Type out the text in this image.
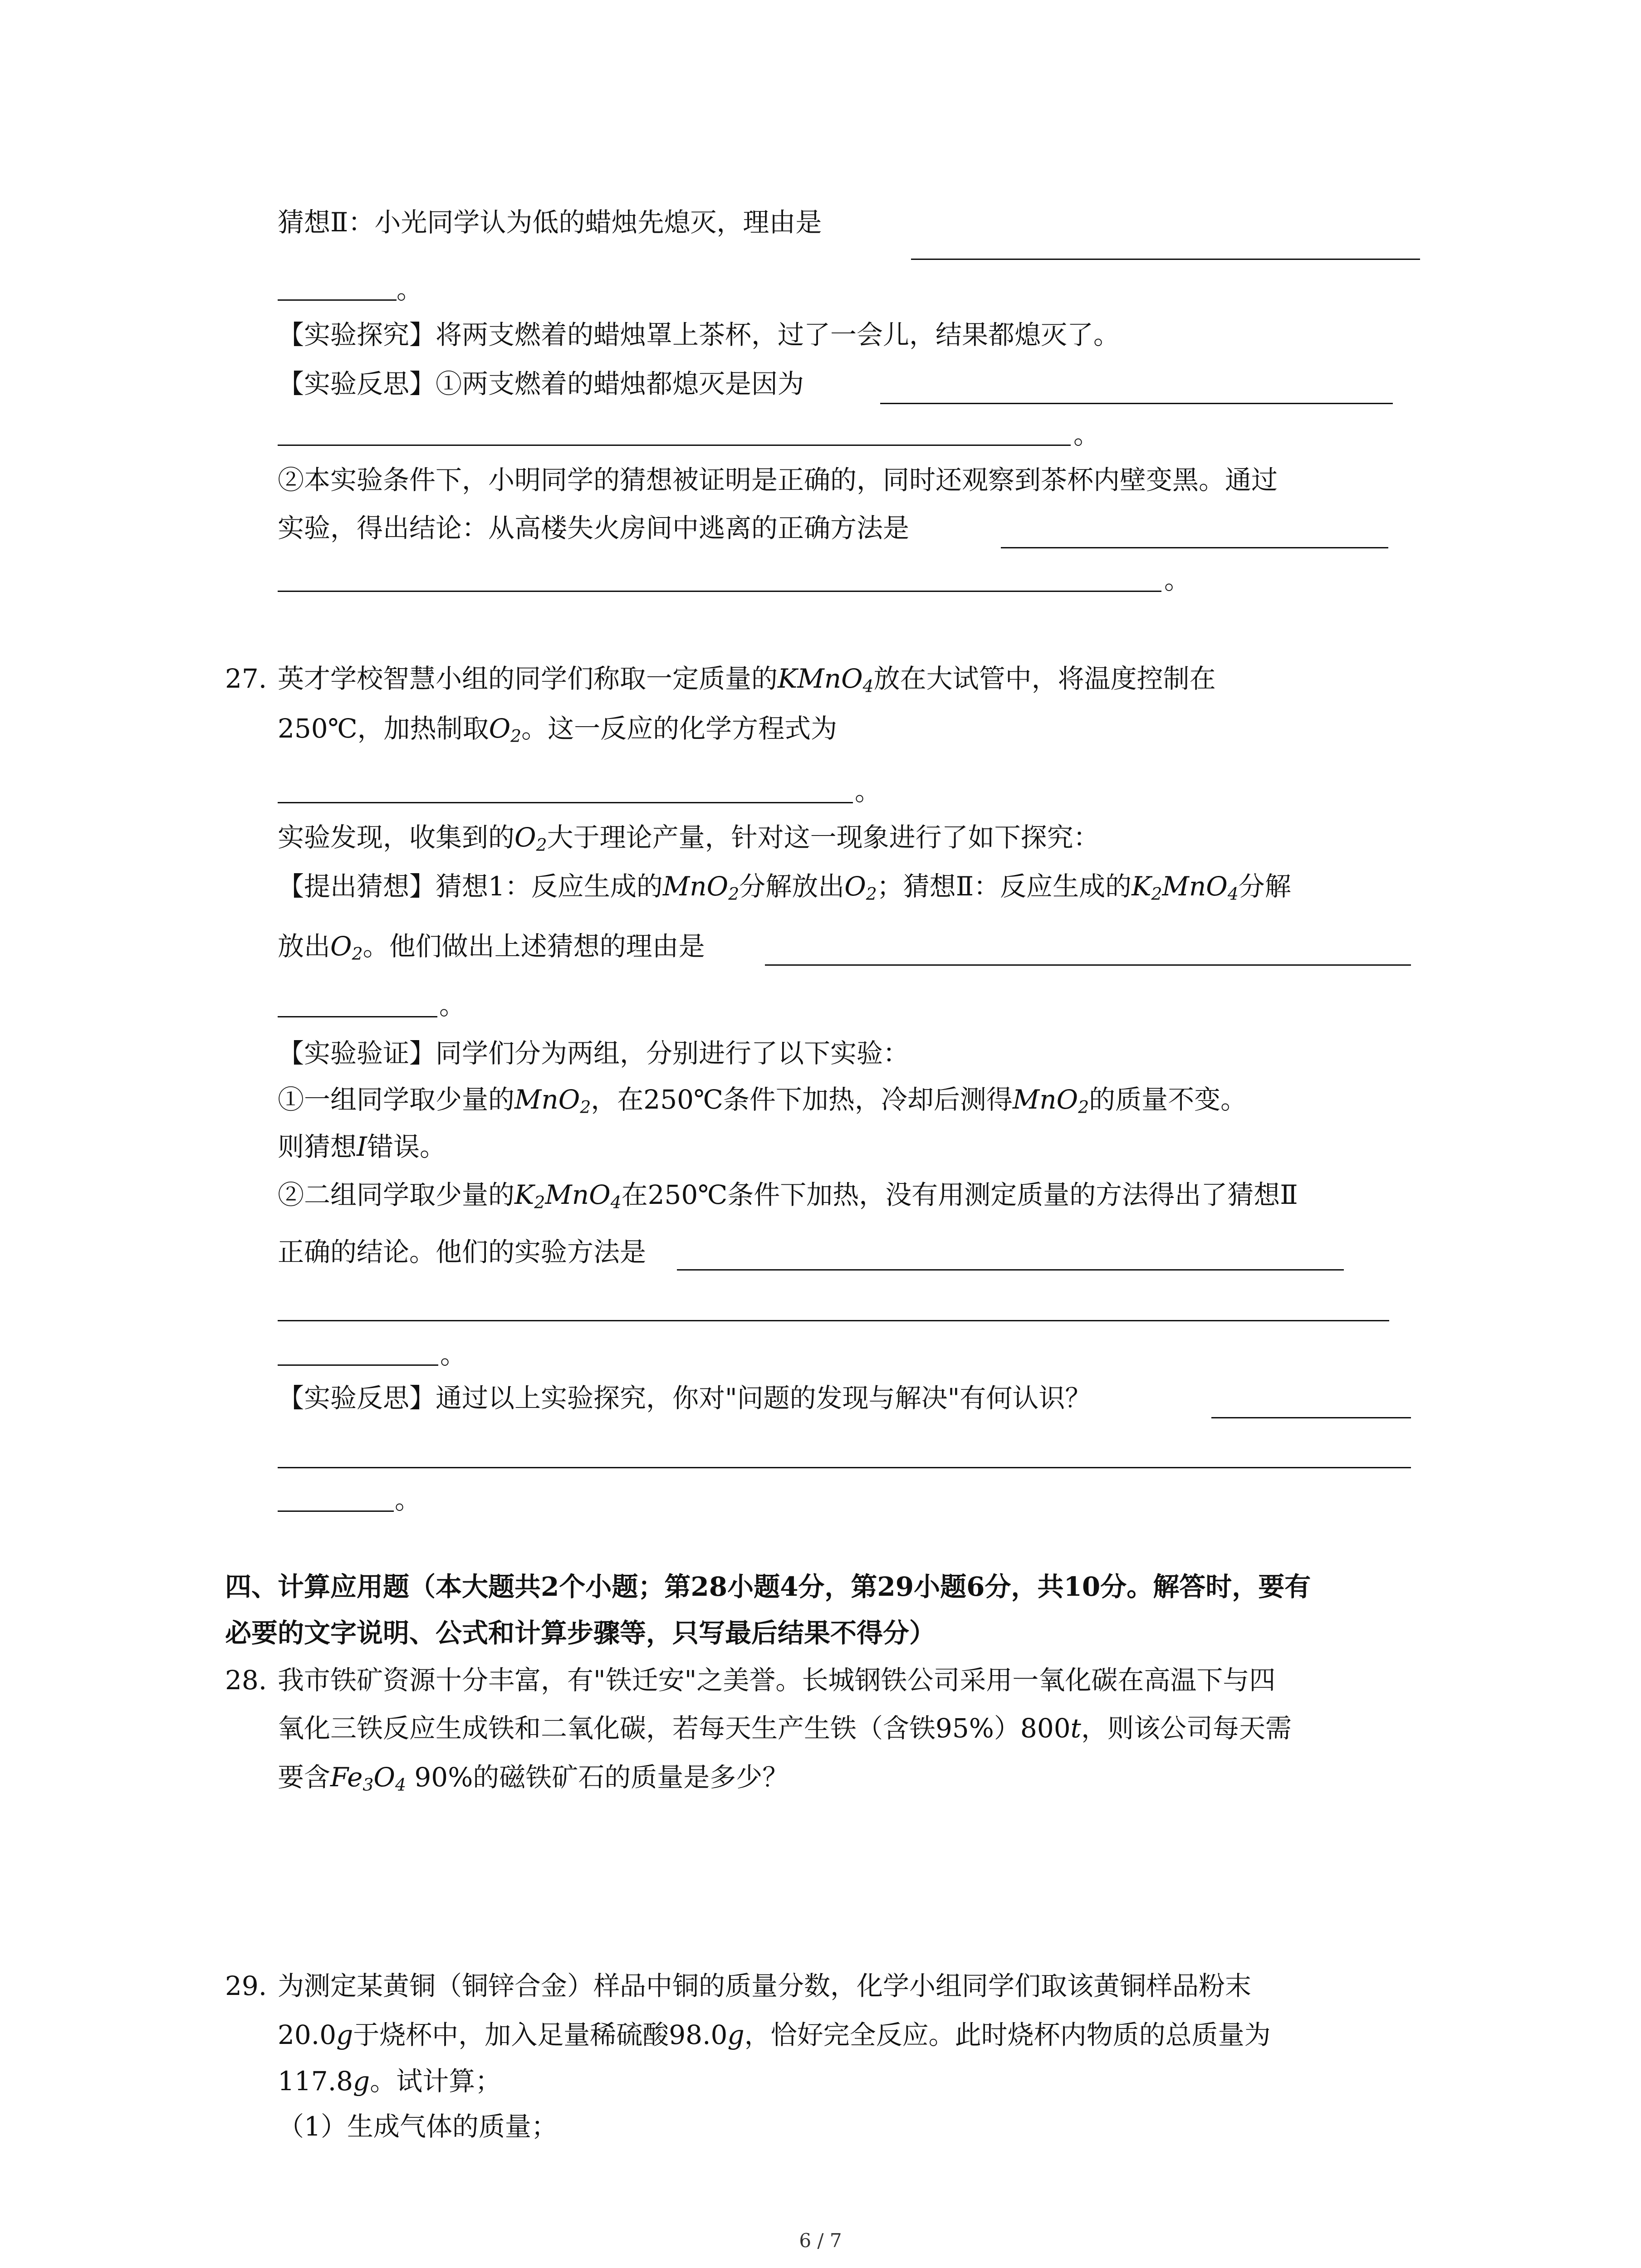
猜想Ⅱ：小光同学认为低的蜡烛先熄灭，理由是
。
【实验探究】将两支燃着的蜡烛罩上茶杯，过了一会儿，结果都熄灭了。
【实验反思】①两支燃着的蜡烛都熄灭是因为
。
②本实验条件下，小明同学的猜想被证明是正确的，同时还观察到茶杯内壁变黑。通过
实验，得出结论：从高楼失火房间中逃离的正确方法是
。
27. 英才学校智慧小组的同学们称取一定质量的KMnO$_4$放在大试管中，将温度控制在
250℃，加热制取$O_2$。这一反应的化学方程式为
。
实验发现，收集到的$O_2$大于理论产量，针对这一现象进行了如下探究：
【提出猜想】猜想1：反应生成的MnO$_2$分解放出$O_2$；猜想Ⅱ：反应生成的$K_2MnO_4$分解
放出$O_2$。他们做出上述猜想的理由是
。
【实验验证】同学们分为两组，分别进行了以下实验：
①一组同学取少量的MnO$_2$，在250℃条件下加热，冷却后测得MnO$_2$的质量不变。
则猜想I错误。
②二组同学取少量的$K_2MnO_4$在250℃条件下加热，没有用测定质量的方法得出了猜想Ⅱ
正确的结论。他们的实验方法是
。
【实验反思】通过以上实验探究，你对"问题的发现与解决"有何认识？
。
四、计算应用题（本大题共2个小题；第28小题4分，第29小题6分，共10分。解答时，要有
必要的文字说明、公式和计算步骤等，只写最后结果不得分）
28. 我市铁矿资源十分丰富，有"铁迁安"之美誉。长城钢铁公司采用一氧化碳在高温下与四
氧化三铁反应生成铁和二氧化碳，若每天生产生铁（含铁95%）800t，则该公司每天需
要含$Fe_3O_4$ 90%的磁铁矿石的质量是多少？
29. 为测定某黄铜（铜锌合金）样品中铜的质量分数，化学小组同学们取该黄铜样品粉末
20.0g于烧杯中，加入足量稀硫酸98.0g，恰好完全反应。此时烧杯内物质的总质量为
117.8g。试计算；
（1）生成气体的质量；
6 / 7
